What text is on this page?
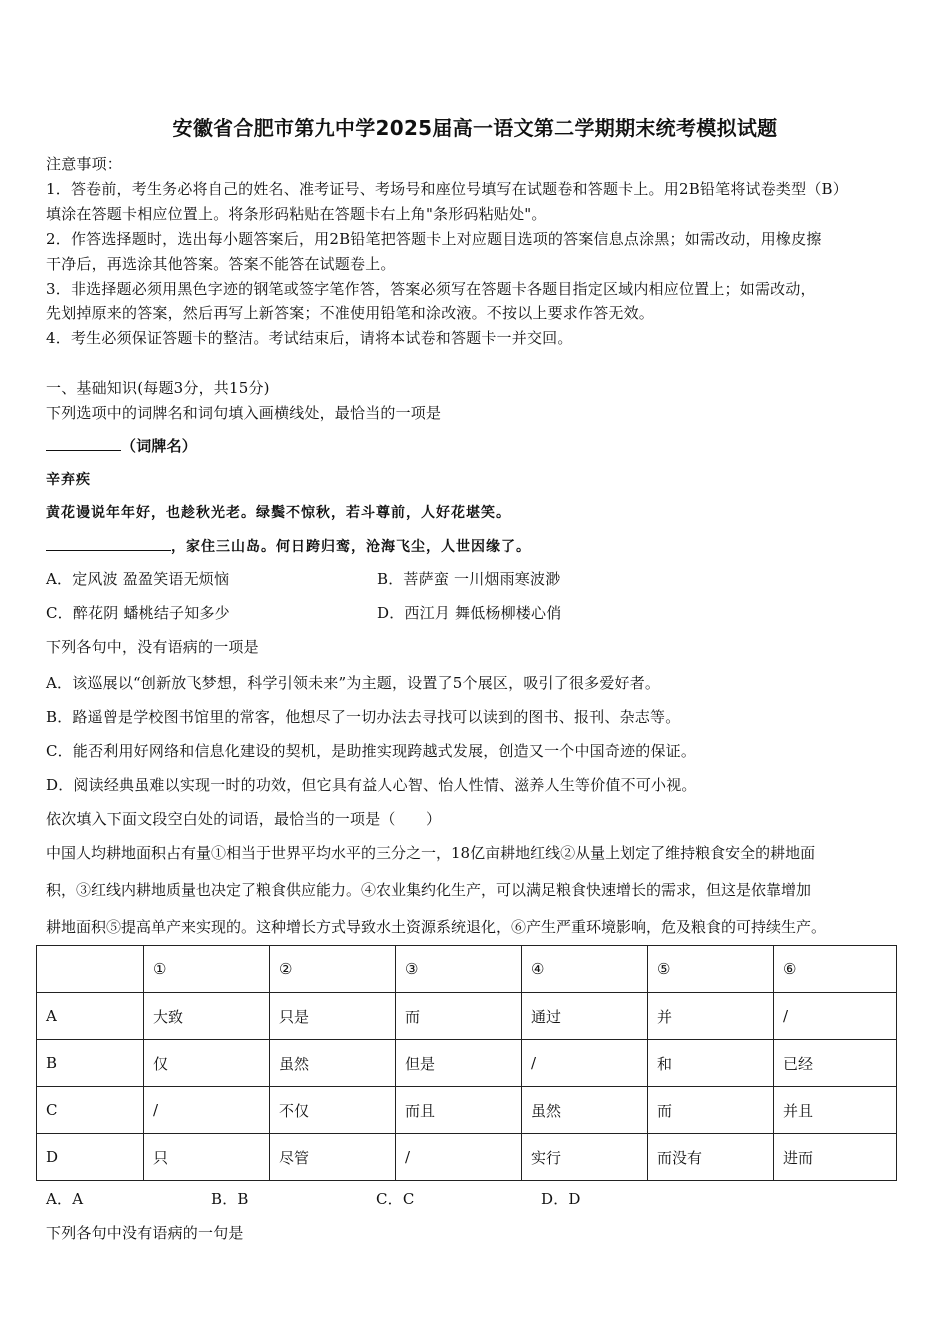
安徽省合肥市第九中学2025届高一语文第二学期期末统考模拟试题
注意事项：
1．答卷前，考生务必将自己的姓名、准考证号、考场号和座位号填写在试题卷和答题卡上。用2B铅笔将试卷类型（B）
填涂在答题卡相应位置上。将条形码粘贴在答题卡右上角"条形码粘贴处"。
2．作答选择题时，选出每小题答案后，用2B铅笔把答题卡上对应题目选项的答案信息点涂黑；如需改动，用橡皮擦
干净后，再选涂其他答案。答案不能答在试题卷上。
3．非选择题必须用黑色字迹的钢笔或签字笔作答，答案必须写在答题卡各题目指定区域内相应位置上；如需改动，
先划掉原来的答案，然后再写上新答案；不准使用铅笔和涂改液。不按以上要求作答无效。
4．考生必须保证答题卡的整洁。考试结束后，请将本试卷和答题卡一并交回。
一、基础知识(每题3分，共15分)
下列选项中的词牌名和词句填入画横线处，最恰当的一项是
（词牌名）
辛弃疾
黄花谩说年年好，也趁秋光老。绿鬓不惊秋，若斗尊前，人好花堪笑。
，家住三山岛。何日跨归鸾，沧海飞尘，人世因缘了。
A．定风波 盈盈笑语无烦恼	B．菩萨蛮 一川烟雨寒波渺
C．醉花阴 蟠桃结子知多少	D．西江月 舞低杨柳楼心俏
下列各句中，没有语病的一项是
A．该巡展以“创新放飞梦想，科学引领未来”为主题，设置了5个展区，吸引了很多爱好者。
B．路遥曾是学校图书馆里的常客，他想尽了一切办法去寻找可以读到的图书、报刊、杂志等。
C．能否利用好网络和信息化建设的契机，是助推实现跨越式发展，创造又一个中国奇迹的保证。
D．阅读经典虽难以实现一时的功效，但它具有益人心智、怡人性情、滋养人生等价值不可小视。
依次填入下面文段空白处的词语，最恰当的一项是（　　）
中国人均耕地面积占有量①相当于世界平均水平的三分之一，18亿亩耕地红线②从量上划定了维持粮食安全的耕地面
积，③红线内耕地质量也决定了粮食供应能力。④农业集约化生产，可以满足粮食快速增长的需求，但这是依靠增加
耕地面积⑤提高单产来实现的。这种增长方式导致水土资源系统退化，⑥产生严重环境影响，危及粮食的可持续生产。
	①	②	③	④	⑤	⑥
A	大致	只是	而	通过	并	/
B	仅	虽然	但是	/	和	已经
C	/	不仅	而且	虽然	而	并且
D	只	尽管	/	实行	而没有	进而
A．A	B．B	C．C	D．D
下列各句中没有语病的一句是
